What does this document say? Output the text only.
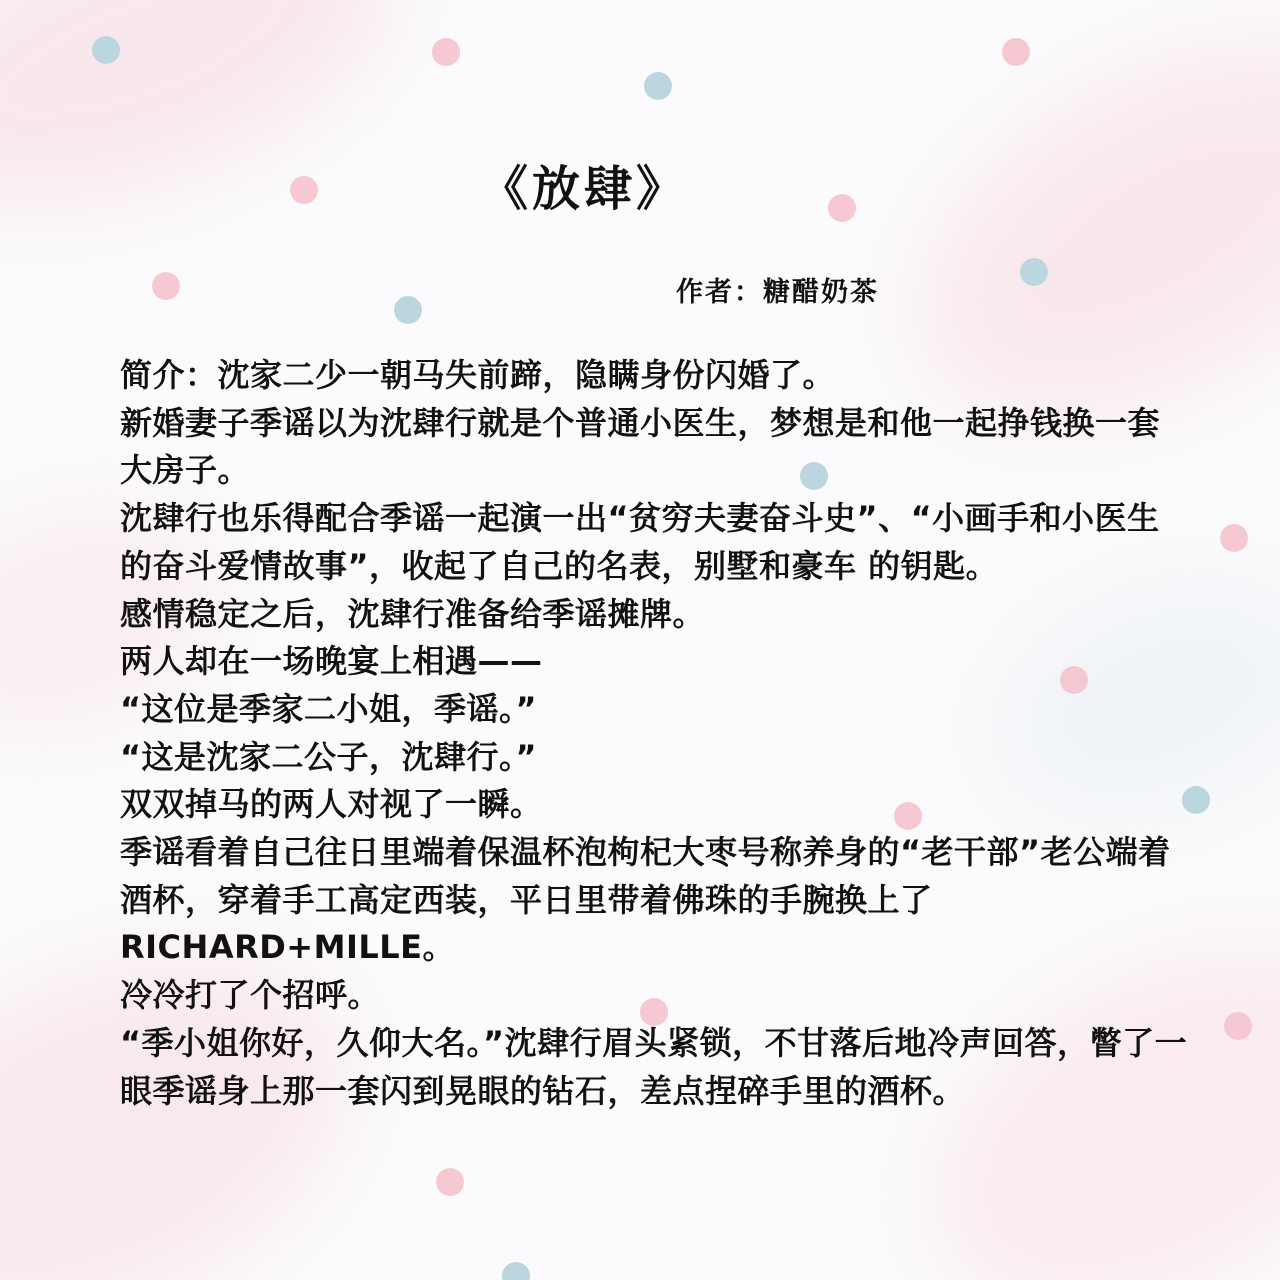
《放肆》
作者：糖醋奶茶

简介：沈家二少一朝马失前蹄，隐瞒身份闪婚了。

新婚妻子季谣以为沈肆行就是个普通小医生，梦想是和他一起挣钱换一套大房子。

沈肆行也乐得配合季谣一起演一出“贫穷夫妻奋斗史”、“小画手和小医生的奋斗爱情故事”，收起了自己的名表，别墅和豪车 的钥匙。

感情稳定之后，沈肆行准备给季谣摊牌。

两人却在一场晚宴上相遇——

“这位是季家二小姐，季谣。”

“这是沈家二公子，沈肆行。”

双双掉马的两人对视了一瞬。

季谣看着自己往日里端着保温杯泡枸杞大枣号称养身的“老干部”老公端着酒杯，穿着手工高定西装，平日里带着佛珠的手腕换上了RICHARD+MILLE。

冷冷打了个招呼。

“季小姐你好，久仰大名。”沈肆行眉头紧锁，不甘落后地冷声回答，瞥了一眼季谣身上那一套闪到晃眼的钻石，差点捏碎手里的酒杯。
